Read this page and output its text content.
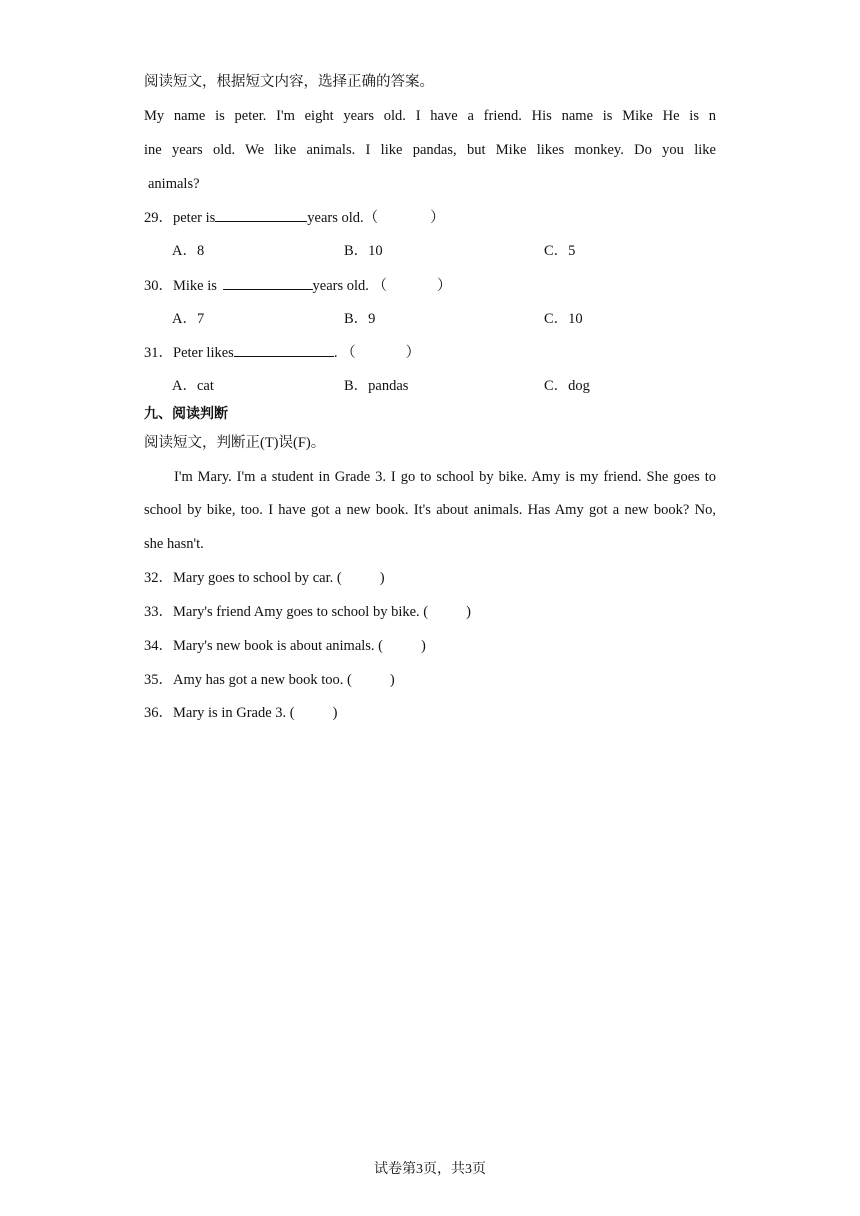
阅读短文，根据短文内容，选择正确的答案。
My name is peter. I'm eight years old. I have a friend. His name is Mike He is n
ine years old. We like animals. I like pandas, but Mike likes monkey. Do you like
animals?
29．peter is	years old.（	）
A．8	B．10	C．5
30．Mike is	years old. （	）
A．7	B．9	C．10
31．Peter likes	. （	）
A．cat	B．pandas	C．dog
九、阅读判断
阅读短文，判断正(T)误(F)。
I'm Mary. I'm a student in Grade 3. I go to school by bike. Amy is my friend. She goes to
school by bike, too. I have got a new book. It's about animals. Has Amy got a new book? No,
she hasn't.
32．Mary goes to school by car. (	)
33．Mary's friend Amy goes to school by bike. (	)
34．Mary's new book is about animals. (	)
35．Amy has got a new book too. (	)
36．Mary is in Grade 3. (	)
试卷第3页，共3页
